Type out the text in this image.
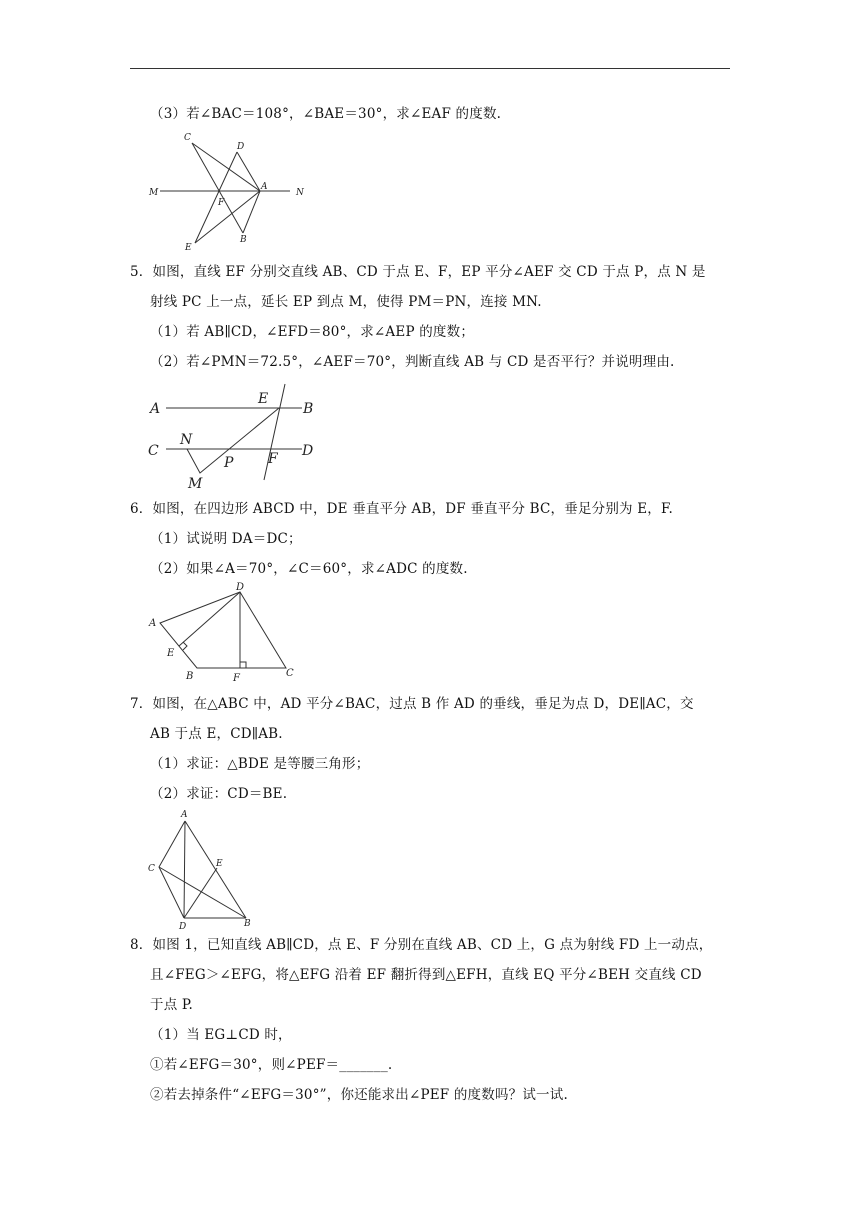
（3）若∠BAC＝108°，∠BAE＝30°，求∠EAF 的度数.
C
D
M
A
N
F
E
B
5．如图，直线 EF 分别交直线 AB、CD 于点 E、F，EP 平分∠AEF 交 CD 于点 P，点 N 是
射线 PC 上一点，延长 EP 到点 M，使得 PM＝PN，连接 MN.
（1）若 AB∥CD，∠EFD＝80°，求∠AEP 的度数；
（2）若∠PMN＝72.5°，∠AEF＝70°，判断直线 AB 与 CD 是否平行？并说明理由.
A
E
B
C
N
D
P F
M
6．如图，在四边形 ABCD 中，DE 垂直平分 AB，DF 垂直平分 BC，垂足分别为 E，F.
（1）试说明 DA＝DC；
（2）如果∠A＝70°，∠C＝60°，求∠ADC 的度数.
D
A
E
B	F	C
7．如图，在△ABC 中，AD 平分∠BAC，过点 B 作 AD 的垂线，垂足为点 D，DE∥AC，交
AB 于点 E，CD∥AB.
（1）求证：△BDE 是等腰三角形；
（2）求证：CD＝BE.
A
C	E
D	B
8．如图 1，已知直线 AB∥CD，点 E、F 分别在直线 AB、CD 上，G 点为射线 FD 上一动点，
且∠FEG＞∠EFG，将△EFG 沿着 EF 翻折得到△EFH，直线 EQ 平分∠BEH 交直线 CD
于点 P.
（1）当 EG⊥CD 时，
①若∠EFG＝30°，则∠PEF＝_______.
②若去掉条件“∠EFG＝30°”，你还能求出∠PEF 的度数吗？试一试.
